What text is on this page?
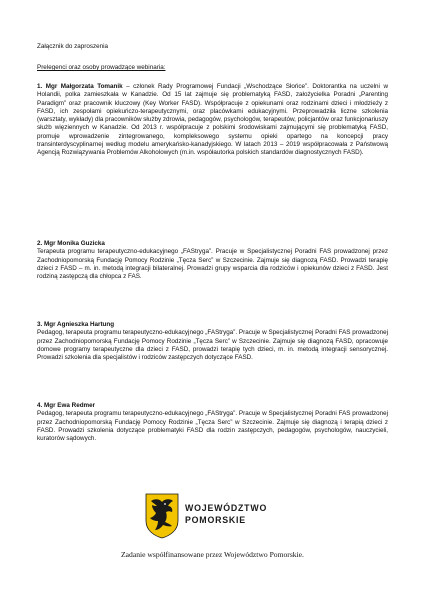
Załącznik do zaproszenia
Prelegenci oraz osoby prowadzące webinaria:

1. Mgr Małgorzata Tomanik – członek Rady Programowej Fundacji „Wschodzące Słońce”. Doktorantka na uczelni w Holandii, polka zamieszkała w Kanadzie. Od 15 lat zajmuje się problematyką FASD, założycielka Poradni „Parenting Paradigm” oraz pracownik kluczowy (Key Worker FASD). Współpracuje z opiekunami oraz rodzinami dzieci i młodzieży z FASD, ich zespołami opiekuńczo-terapeutycznymi, oraz placówkami edukacyjnymi. Przeprowadziła liczne szkolenia (warsztaty, wykłady) dla pracowników służby zdrowia, pedagogów, psychologów, terapeutów, policjantów oraz funkcjonariuszy służb więziennych w Kanadzie. Od 2013 r. współpracuje z polskimi środowiskami zajmującymi się problematyką FASD, promuje wprowadzenie zintegrowanego, kompleksowego systemu opieki opartego na koncepcji pracy transinterdyscyplinarnej według modelu amerykańsko-kanadyjskiego. W latach 2013 – 2019 współpracowała z Państwową Agencją Rozwiązywania Problemów Alkoholowych (m.in. współautorka polskich standardów diagnostycznych FASD).

2. Mgr Monika Guzicka

Terapeuta programu terapeutyczno-edukacyjnego „FAStryga”. Pracuje w Specjalistycznej Poradni FAS prowadzonej przez Zachodniopomorską Fundację Pomocy Rodzinie „Tęcza Serc” w Szczecinie. Zajmuje się diagnozą FASD. Prowadzi terapię dzieci z FASD – m. in. metodą integracji bilateralnej. Prowadzi grupy wsparcia dla rodziców i opiekunów dzieci z FASD. Jest rodziną zastępczą dla chłopca z FAS.

3. Mgr Agnieszka Hartung

Pedagog, terapeuta programu terapeutyczno-edukacyjnego „FAStryga”. Pracuje w Specjalistycznej Poradni FAS prowadzonej przez Zachodniopomorską Fundację Pomocy Rodzinie „Tęcza Serc” w Szczecinie. Zajmuje się diagnozą FASD, opracowuje domowe programy terapeutyczne dla dzieci z FASD, prowadzi terapię tych dzieci, m. in. metodą integracji sensorycznej. Prowadzi szkolenia dla specjalistów i rodziców zastępczych dotyczące FASD.

4. Mgr Ewa Redmer

Pedagog, terapeuta programu terapeutyczno-edukacyjnego „FAStryga”. Pracuje w Specjalistycznej Poradni FAS prowadzonej przez Zachodniopomorską Fundację Pomocy Rodzinie „Tęcza Serc” w Szczecinie. Zajmuje się diagnozą i terapią dzieci z FASD. Prowadzi szkolenia dotyczące problematyki FASD dla rodzin zastępczych, pedagogów, psychologów, nauczycieli, kuratorów sądowych.

WOJEWÓDZTWO
POMORSKIE
Zadanie współfinansowane przez Województwo Pomorskie.
